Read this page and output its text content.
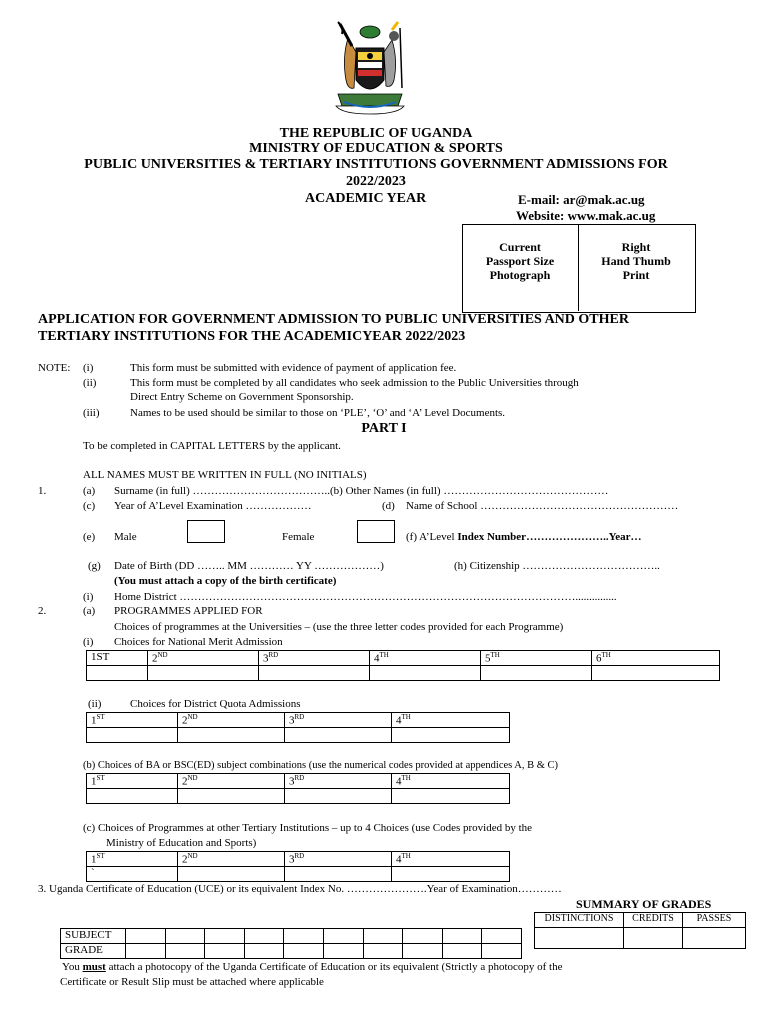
THE REPUBLIC OF UGANDA
MINISTRY OF EDUCATION & SPORTS
PUBLIC UNIVERSITIES & TERTIARY INSTITUTIONS GOVERNMENT ADMISSIONS FOR
2022/2023
ACADEMIC YEAR	E-mail: ar@mak.ac.ug
Website: www.mak.ac.ug
Current
Passport Size
Photograph
Right
Hand Thumb
Print
APPLICATION FOR GOVERNMENT ADMISSION TO PUBLIC UNIVERSITIES AND OTHER
TERTIARY INSTITUTIONS FOR THE ACADEMICYEAR 2022/2023
NOTE: (i)	This form must be submitted with evidence of payment of application fee.
(ii)	This form must be completed by all candidates who seek admission to the Public Universities through
Direct Entry Scheme on Government Sponsorship.
(iii)	Names to be used should be similar to those on ‘PLE’, ‘O’ and ‘A’ Level Documents.
PART I
To be completed in CAPITAL LETTERS by the applicant.
ALL NAMES MUST BE WRITTEN IN FULL (NO INITIALS)
1.	(a) Surname (in full) ………………………………..(b) Other Names (in full) ………………………………………
(c) Year of A’Level Examination ………………	(d) Name of School ………………………………………………
(e) Male	Female	(f) A’Level Index Number…………………..Year…
(g) Date of Birth (DD …….. MM ………… YY ………………)	(h) Citizenship ………………………………..
(You must attach a copy of the birth certificate)
(i) Home District ………………………………………………………………………………………………...............
2.	(a) PROGRAMMES APPLIED FOR
Choices of programmes at the Universities – (use the three letter codes provided for each Programme)
(i) Choices for National Merit Admission
1ST	2ND	3RD	4TH	5TH	6TH

(ii)	Choices for District Quota Admissions
1ST	2ND	3RD	4TH

(b) Choices of BA or BSC(ED) subject combinations (use the numerical codes provided at appendices A, B & C)
1ST	2ND	3RD	4TH

(c) Choices of Programmes at other Tertiary Institutions – up to 4 Choices (use Codes provided by the
Ministry of Education and Sports)
1ST	2ND	3RD	4TH
`			
3. Uganda Certificate of Education (UCE) or its equivalent Index No. ………………….Year of Examination…………
SUMMARY OF GRADES
DISTINCTIONS	CREDITS	PASSES

SUBJECT										
GRADE										
You must attach a photocopy of the Uganda Certificate of Education or its equivalent (Strictly a photocopy of the
Certificate or Result Slip must be attached where applicable
